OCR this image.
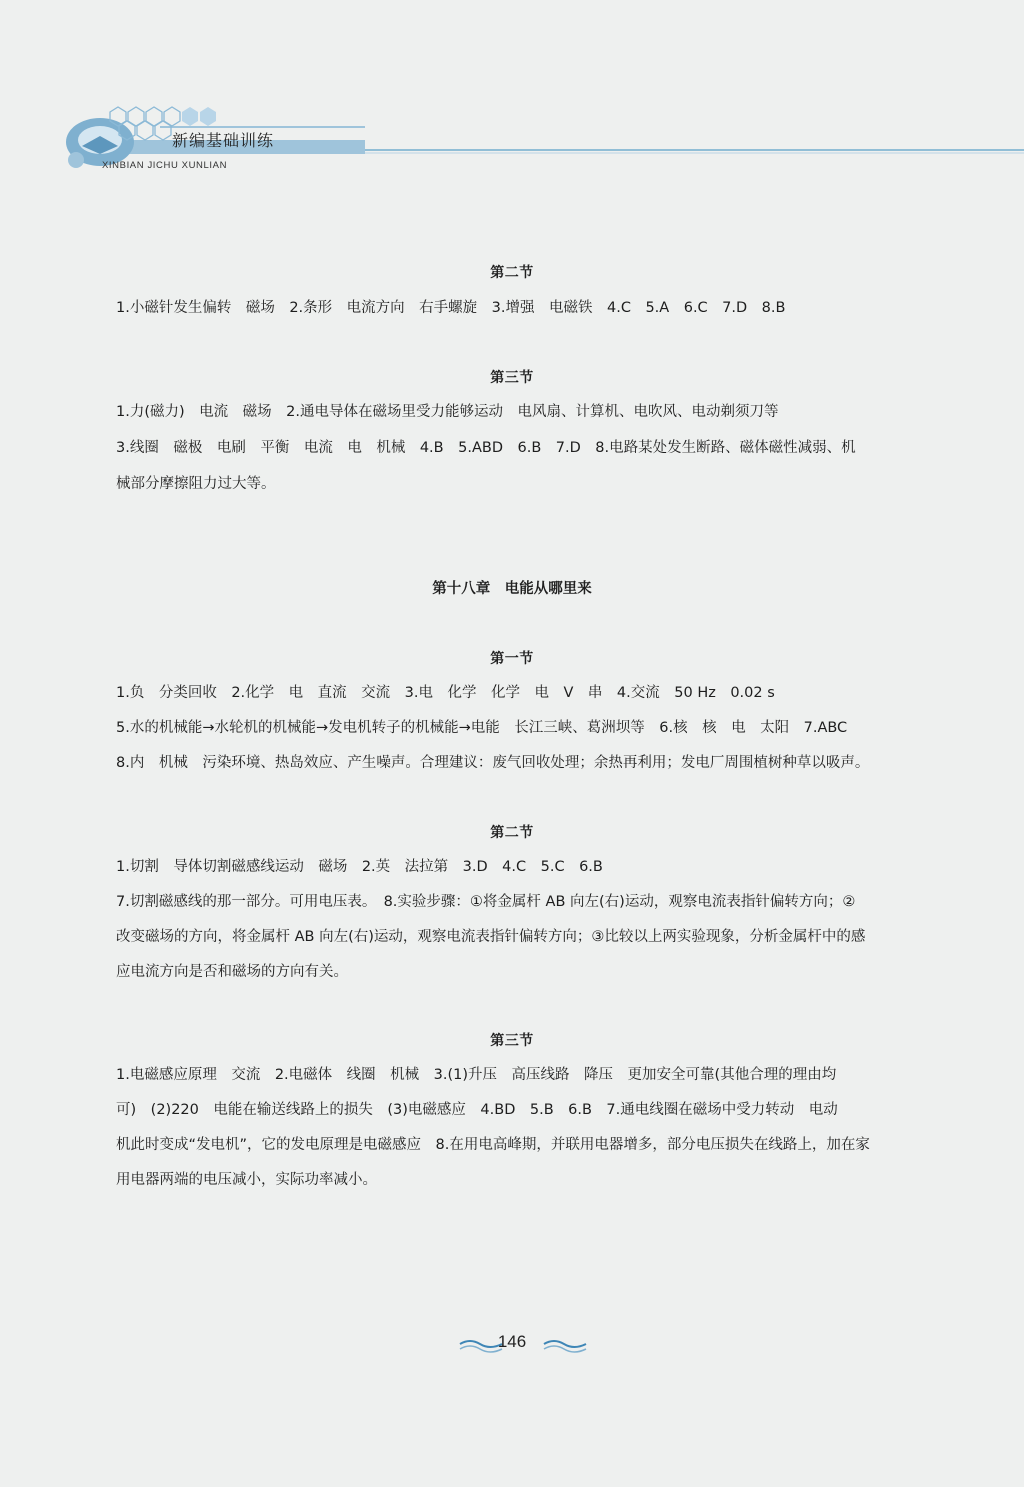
新编基础训练
XINBIAN JICHU XUNLIAN
第二节
1.小磁针发生偏转　磁场　2.条形　电流方向　右手螺旋　3.增强　电磁铁　4.C　5.A　6.C　7.D　8.B
第三节
1.力(磁力)　电流　磁场　2.通电导体在磁场里受力能够运动　电风扇、计算机、电吹风、电动剃须刀等
3.线圈　磁极　电刷　平衡　电流　电　机械　4.B　5.ABD　6.B　7.D　8.电路某处发生断路、磁体磁性减弱、机
械部分摩擦阻力过大等。
第十八章　电能从哪里来
第一节
1.负　分类回收　2.化学　电　直流　交流　3.电　化学　化学　电　V　串　4.交流　50 Hz　0.02 s
5.水的机械能→水轮机的机械能→发电机转子的机械能→电能　长江三峡、葛洲坝等　6.核　核　电　太阳　7.ABC
8.内　机械　污染环境、热岛效应、产生噪声。合理建议：废气回收处理；余热再利用；发电厂周围植树种草以吸声。
第二节
1.切割　导体切割磁感线运动　磁场　2.英　法拉第　3.D　4.C　5.C　6.B
7.切割磁感线的那一部分。可用电压表。　8.实验步骤：①将金属杆 AB 向左(右)运动，观察电流表指针偏转方向；②
改变磁场的方向，将金属杆 AB 向左(右)运动，观察电流表指针偏转方向；③比较以上两实验现象，分析金属杆中的感
应电流方向是否和磁场的方向有关。
第三节
1.电磁感应原理　交流　2.电磁体　线圈　机械　3.(1)升压　高压线路　降压　更加安全可靠(其他合理的理由均
可)　(2)220　电能在输送线路上的损失　(3)电磁感应　4.BD　5.B　6.B　7.通电线圈在磁场中受力转动　电动
机此时变成“发电机”，它的发电原理是电磁感应　8.在用电高峰期，并联用电器增多，部分电压损失在线路上，加在家
用电器两端的电压减小，实际功率减小。
146
